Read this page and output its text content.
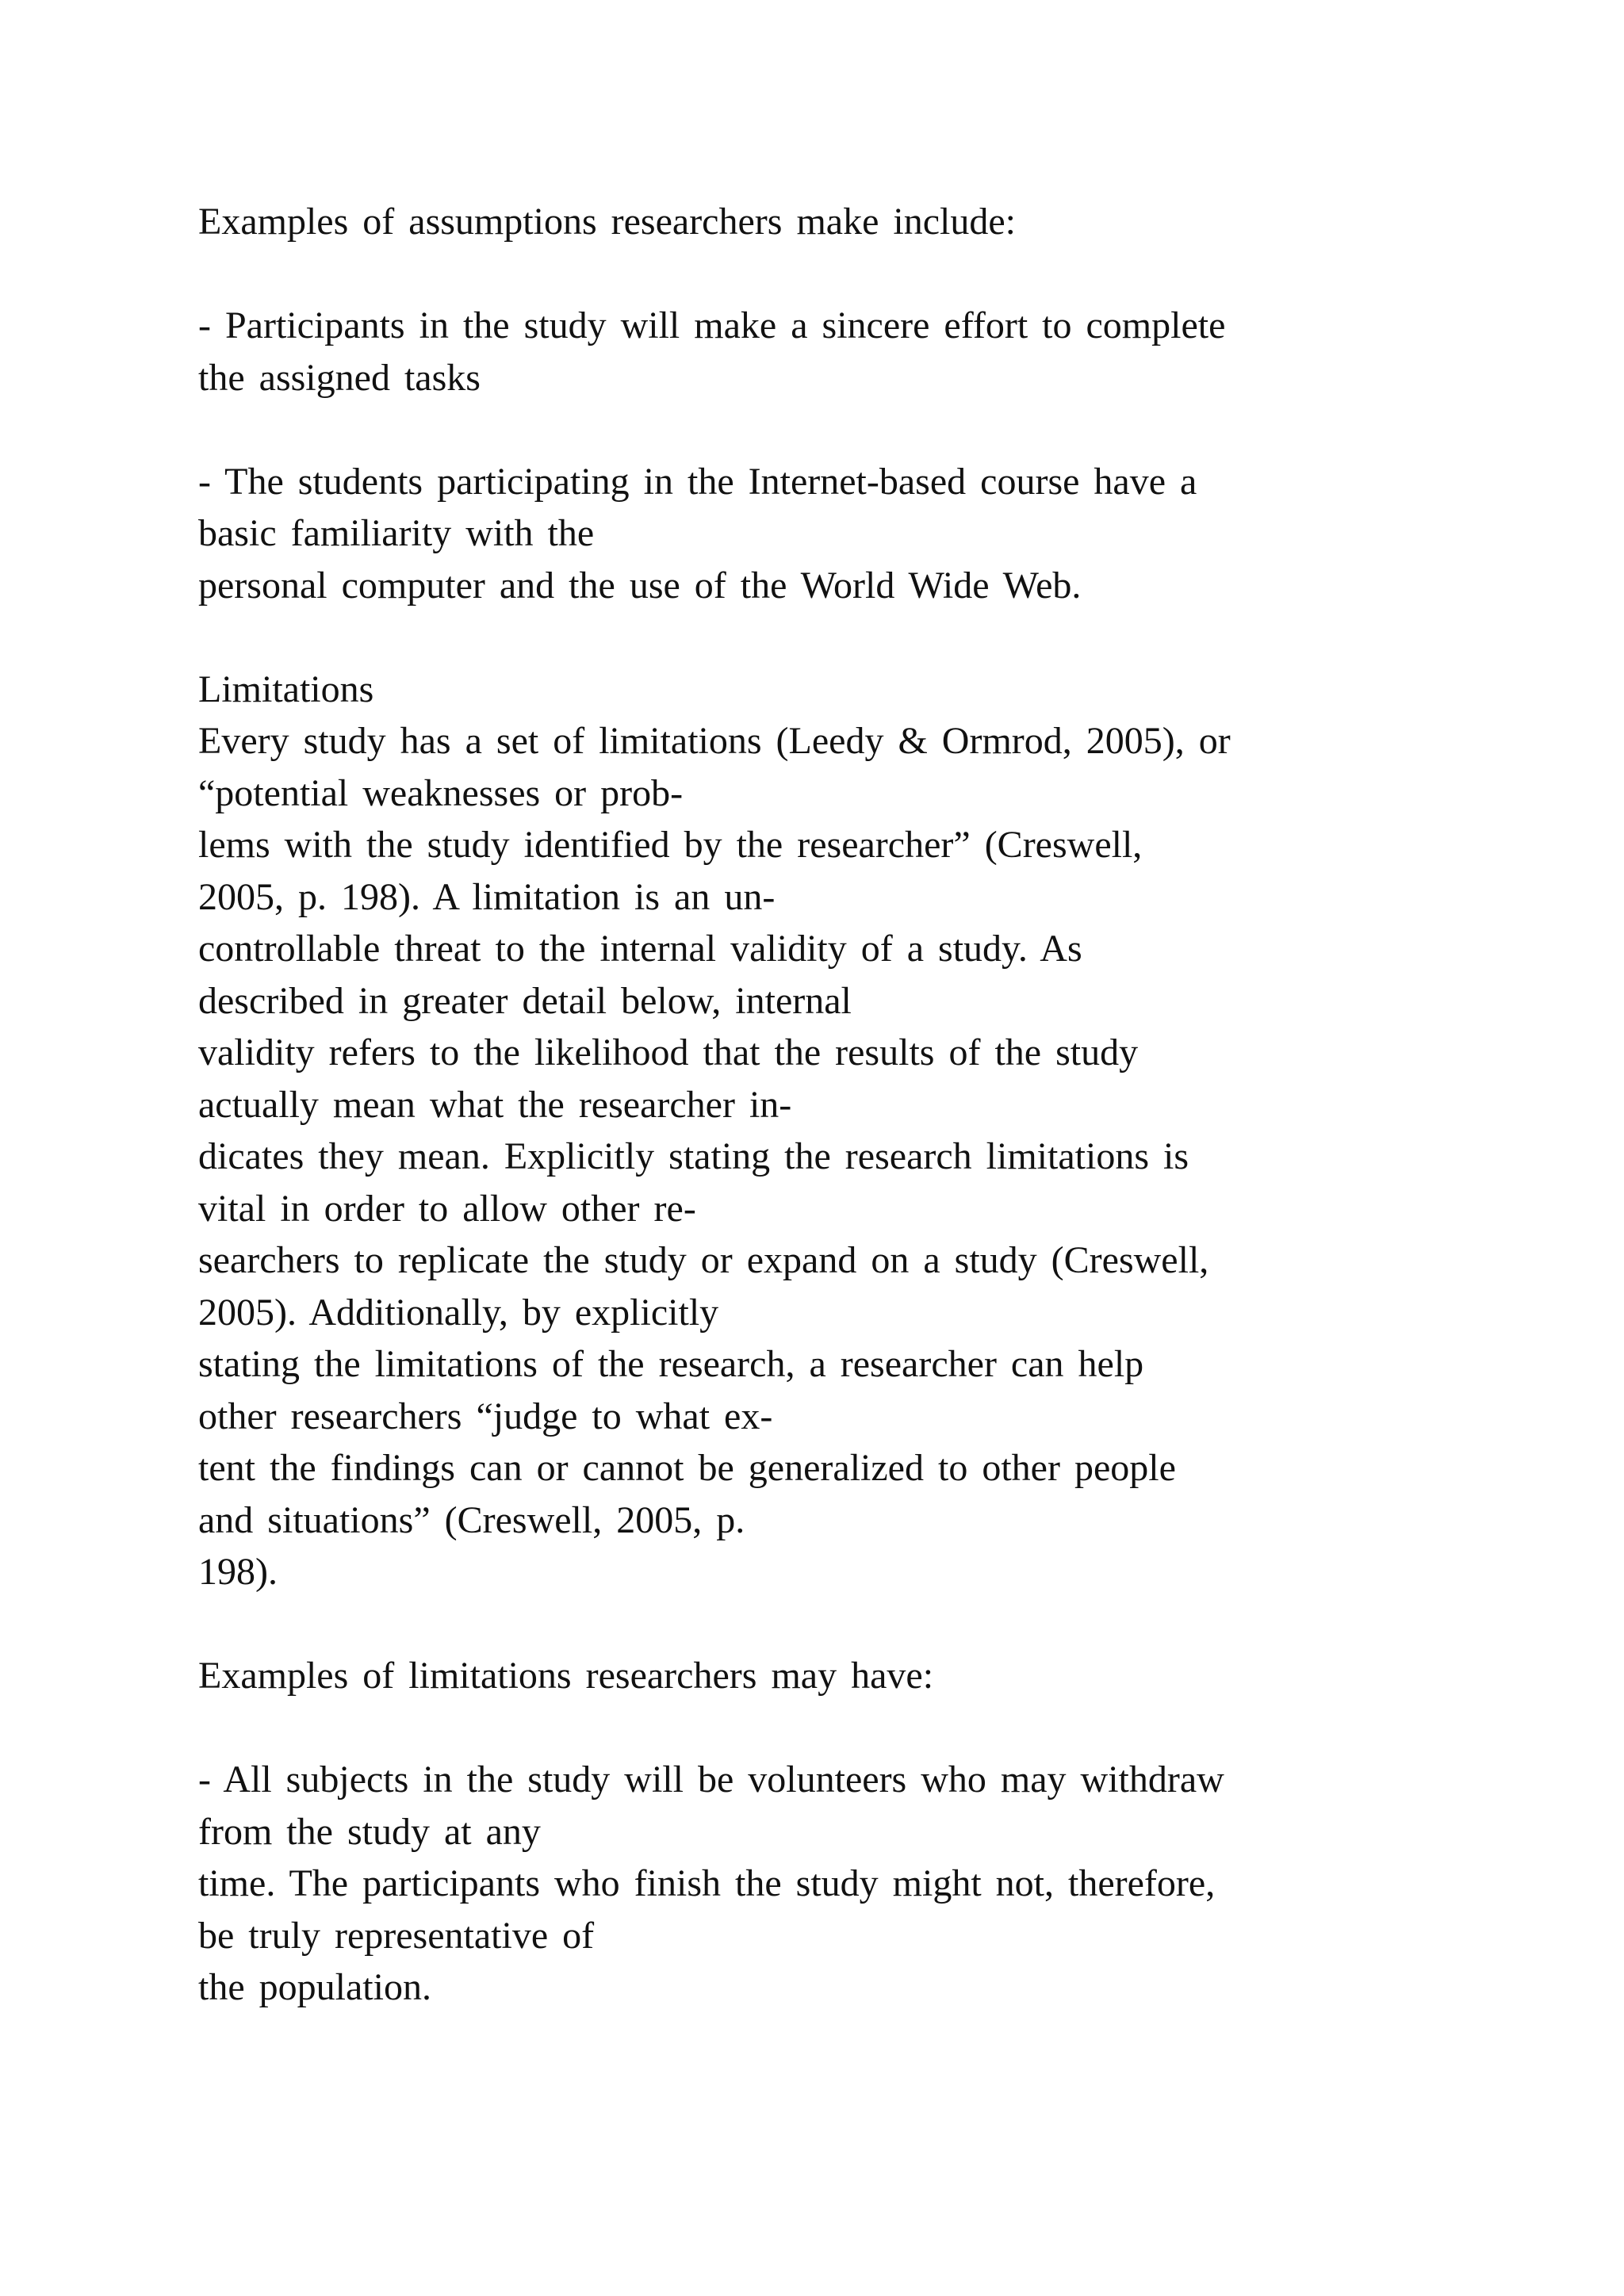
Examples of assumptions researchers make include:
- Participants in the study will make a sincere effort to complete
the assigned tasks
- The students participating in the Internet-based course have a
basic familiarity with the
personal computer and the use of the World Wide Web.
Limitations
Every study has a set of limitations (Leedy & Ormrod, 2005), or
“potential weaknesses or prob-
lems with the study identified by the researcher” (Creswell,
2005, p. 198). A limitation is an un-
controllable threat to the internal validity of a study. As
described in greater detail below, internal
validity refers to the likelihood that the results of the study
actually mean what the researcher in-
dicates they mean. Explicitly stating the research limitations is
vital in order to allow other re-
searchers to replicate the study or expand on a study (Creswell,
2005). Additionally, by explicitly
stating the limitations of the research, a researcher can help
other researchers “judge to what ex-
tent the findings can or cannot be generalized to other people
and situations” (Creswell, 2005, p.
198).
Examples of limitations researchers may have:
- All subjects in the study will be volunteers who may withdraw
from the study at any
time. The participants who finish the study might not, therefore,
be truly representative of
the population.
